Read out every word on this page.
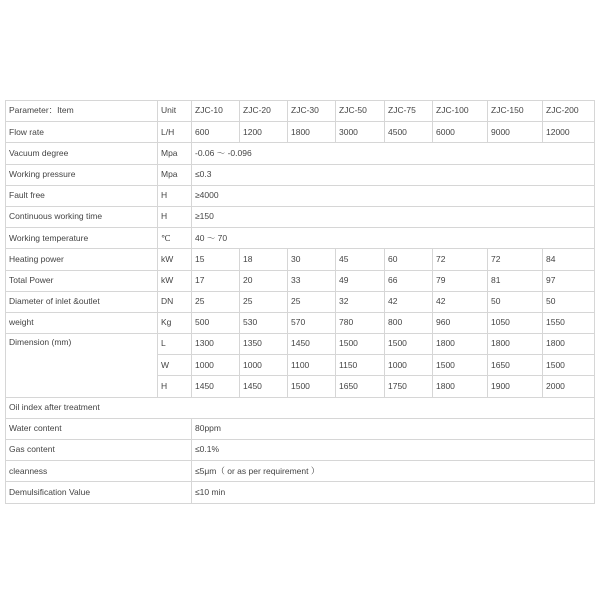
Parameter：Item	Unit	ZJC-10	ZJC-20	ZJC-30	ZJC-50	ZJC-75	ZJC-100	ZJC-150	ZJC-200
Flow rate	L/H	600	1200	1800	3000	4500	6000	9000	12000
Vacuum degree	Mpa	-0.06 ～ -0.096							
Working pressure	Mpa	≤0.3							
Fault free	H	≥4000							
Continuous working time	H	≥150							
Working temperature	℃	40 ～ 70							
Heating power	kW	15	18	30	45	60	72	72	84
Total Power	kW	17	20	33	49	66	79	81	97
Diameter of inlet &outlet	DN	25	25	25	32	42	42	50	50
weight	Kg	500	530	570	780	800	960	1050	1550
Dimension (mm)	L	1300	1350	1450	1500	1500	1800	1800	1800
	W	1000	1000	1100	1150	1000	1500	1650	1500
	H	1450	1450	1500	1650	1750	1800	1900	2000
Oil index after treatment									
Water content		80ppm							
Gas content		≤0.1%							
cleanness		≤5μm（ or as per requirement ）							
Demulsification Value		≤10 min							
